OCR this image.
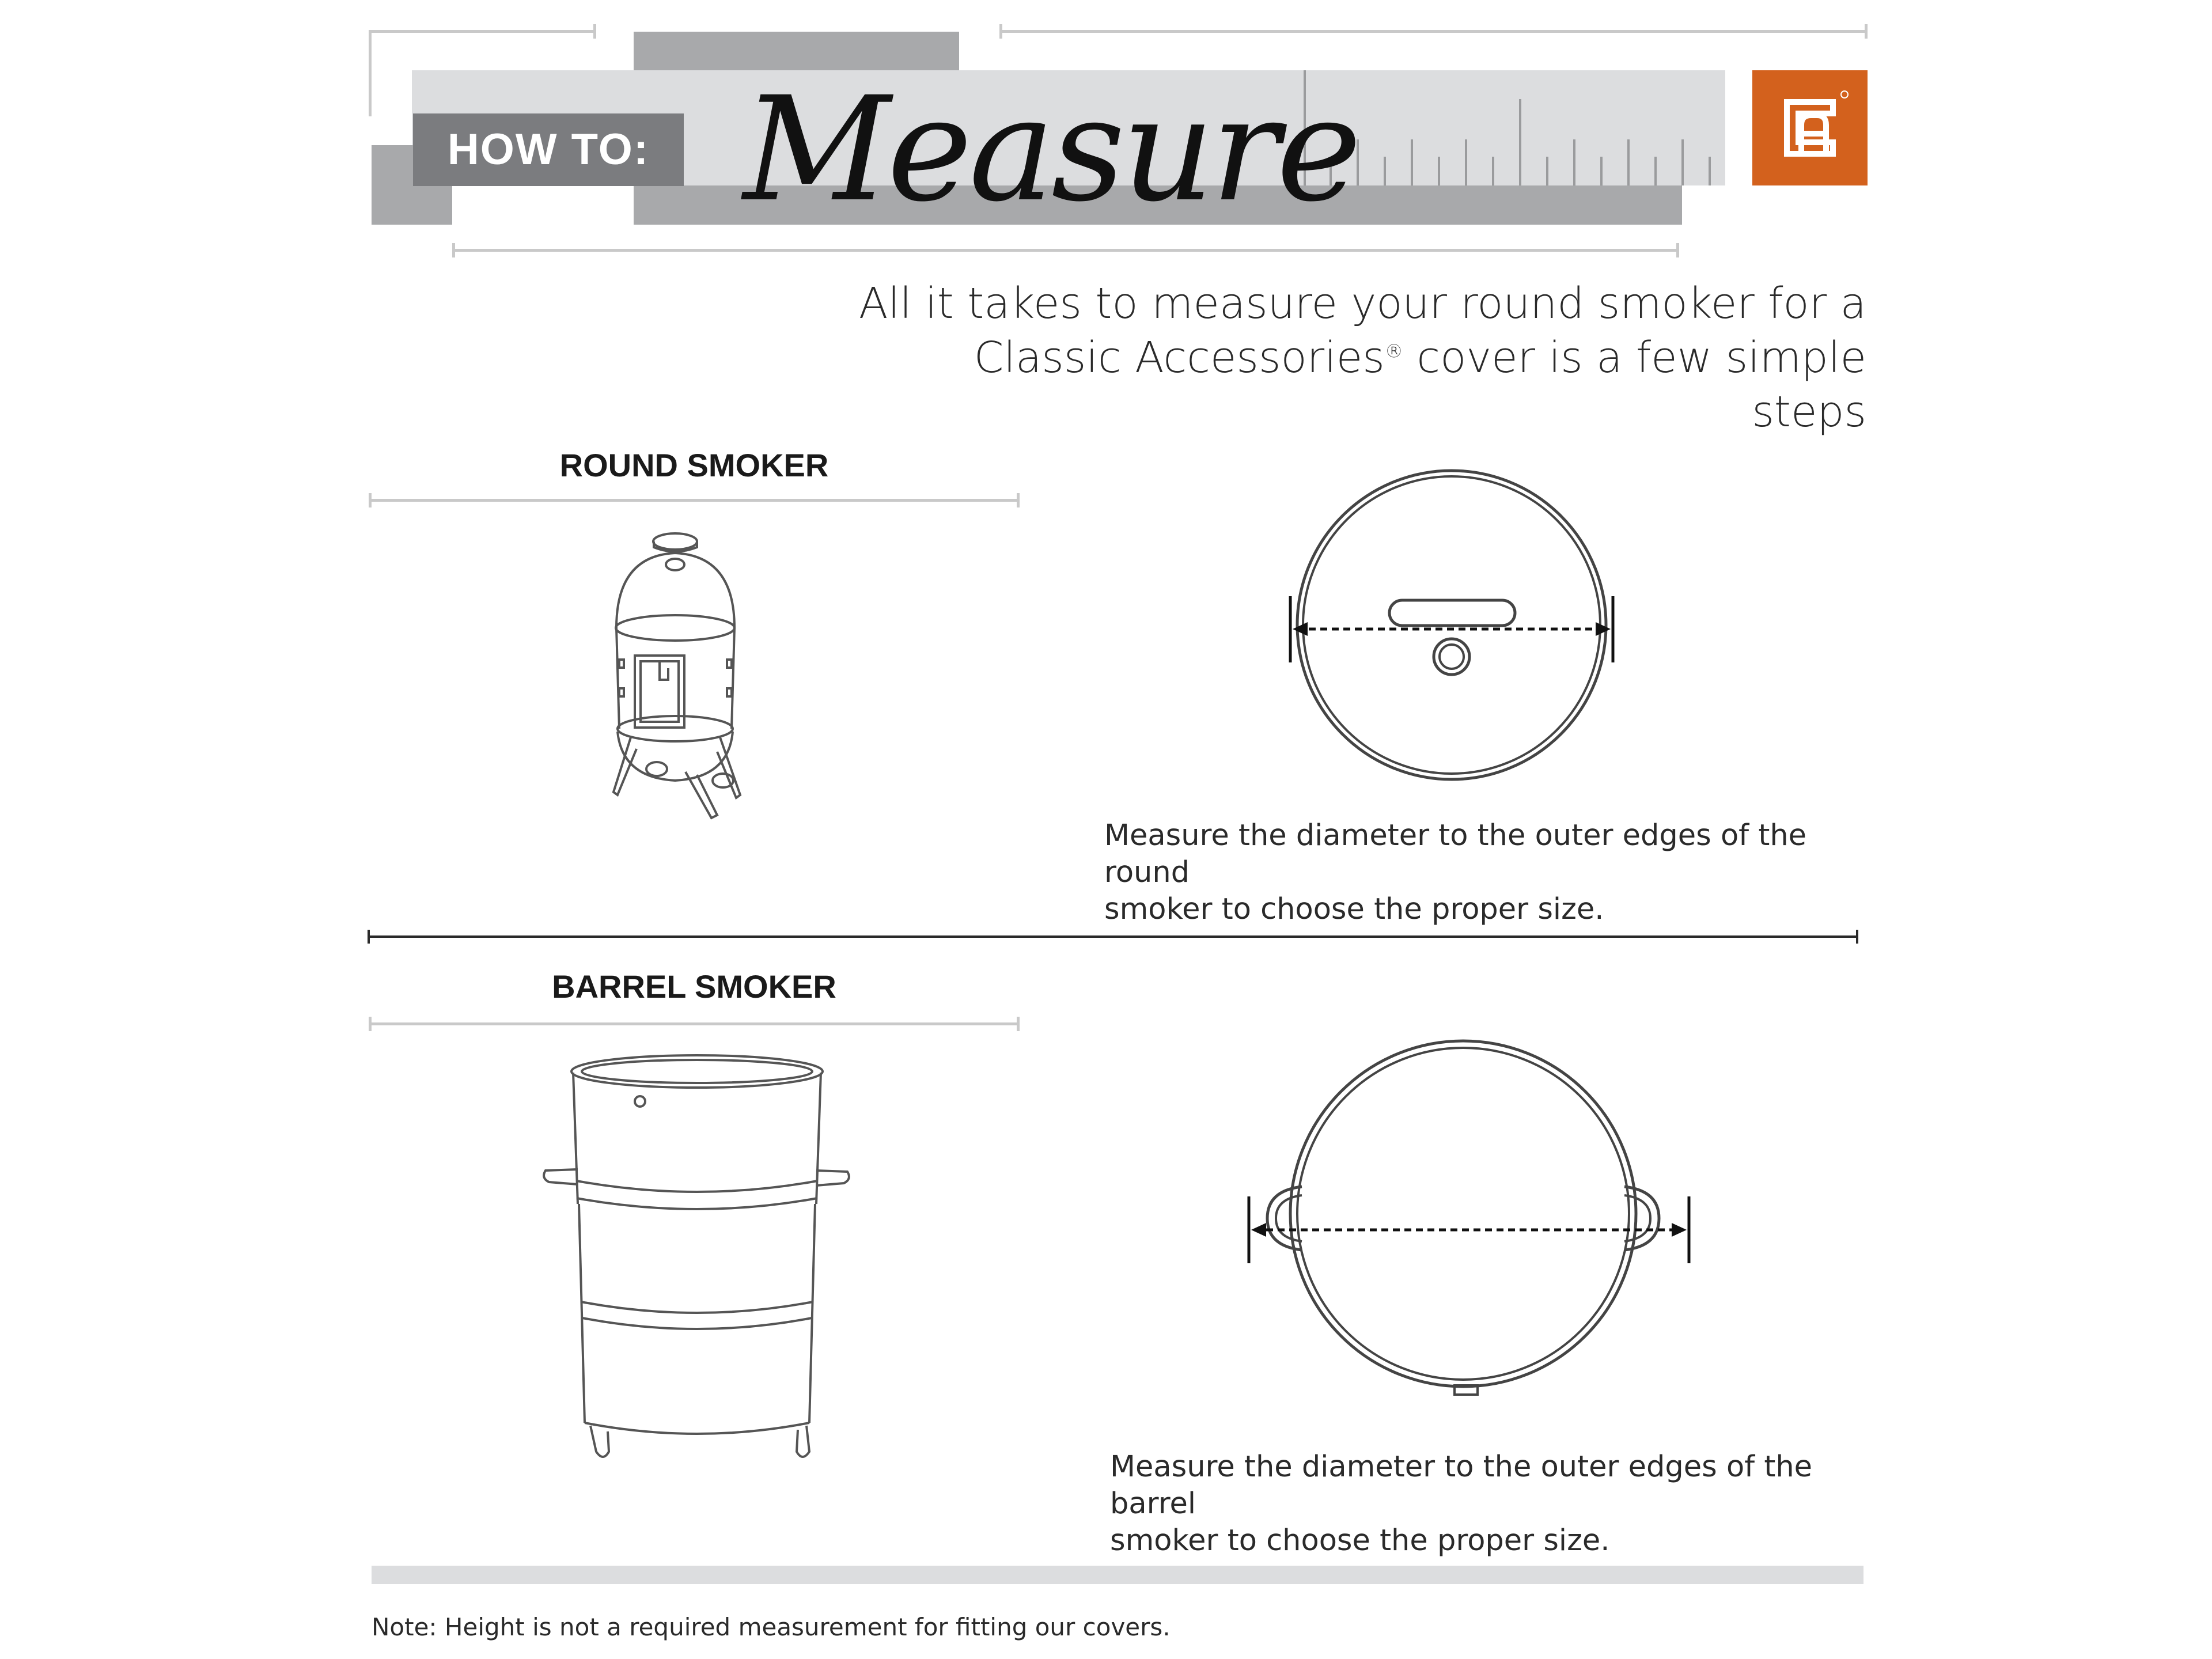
HOW TO: Measure
All it takes to measure your round smoker for a
Classic Accessories® cover is a few simple steps
ROUND SMOKER
Measure the diameter to the outer edges of the round
smoker to choose the proper size.
BARREL SMOKER
Measure the diameter to the outer edges of the barrel
smoker to choose the proper size.
Note: Height is not a required measurement for fitting our covers.
